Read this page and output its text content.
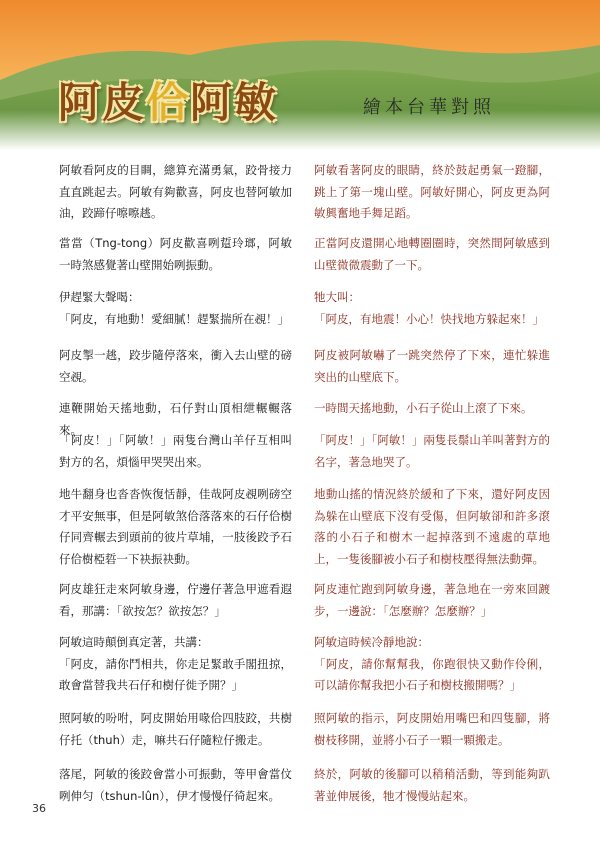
阿皮佮阿敏	繪本台華對照

阿敏看阿皮的目睭，總算充滿勇氣，跤骨接力直直跳起去。阿敏有夠歡喜，阿皮也替阿敏加油，跤蹄仔嚓嚓趒。

當當（Tng-tong）阿皮歡喜咧踅玲瑯，阿敏一時煞感覺著山壁開始咧振動。

伊趕緊大聲喝：
「阿皮，有地動！愛細膩！趕緊揣所在覕！」

阿皮掣一趒，跤步隨停落來，衝入去山壁的磅空覕。

連鞭開始天搖地動，石仔對山頂相紲輾輾落來。

「阿皮！」「阿敏！」兩隻台灣山羊仔互相叫對方的名，煩惱甲哭哭出來。

地牛翻身也沓沓恢復恬靜，佳哉阿皮覕咧磅空才平安無事，但是阿敏煞佮落落來的石仔佮樹仔同齊輾去到頭前的彼片草埔，一肢後跤予石仔佮樹椏硩一下袂振袂動。

阿皮雄狂走來阿敏身邊，佇邊仔著急甲遮看遐看，那講：「欲按怎？欲按怎？」

阿敏這時顛倒真定著，共講：
「阿皮，請你鬥相共，你走足緊敢手閣扭掠，敢會當替我共石仔和樹仔徙予開？」

照阿敏的吩咐，阿皮開始用喙佮四肢跤，共樹仔托（thuh）走，嘛共石仔隨粒仔搬走。

落尾，阿敏的後跤會當小可振動，等甲會當伩咧伸匀（tshun-lûn），伊才慢慢仔徛起來。

阿敏看著阿皮的眼睛，終於鼓起勇氣一蹬腳，跳上了第一塊山壁。阿敏好開心，阿皮更為阿敏興奮地手舞足蹈。

正當阿皮還開心地轉圈圈時，突然間阿敏感到山壁微微震動了一下。

牠大叫：
「阿皮，有地震！小心！快找地方躲起來！」

阿皮被阿敏嚇了一跳突然停了下來，連忙躲進突出的山壁底下。

一時間天搖地動，小石子從山上滾了下來。

「阿皮！」「阿敏！」兩隻長鬃山羊叫著對方的名字，著急地哭了。

地動山搖的情況終於緩和了下來，還好阿皮因為躲在山壁底下沒有受傷，但阿敏卻和許多滾落的小石子和樹木一起掉落到不遠處的草地上，一隻後腳被小石子和樹枝壓得無法動彈。

阿皮連忙跑到阿敏身邊，著急地在一旁來回踱步，一邊說：「怎麼辦？怎麼辦？」

阿敏這時候冷靜地說：
「阿皮，請你幫幫我，你跑很快又動作伶俐，可以請你幫我把小石子和樹枝搬開嗎？」

照阿敏的指示，阿皮開始用嘴巴和四隻腳，將樹枝移開，並將小石子一顆一顆搬走。

終於，阿敏的後腳可以稍稍活動，等到能夠趴著並伸展後，牠才慢慢站起來。

36
